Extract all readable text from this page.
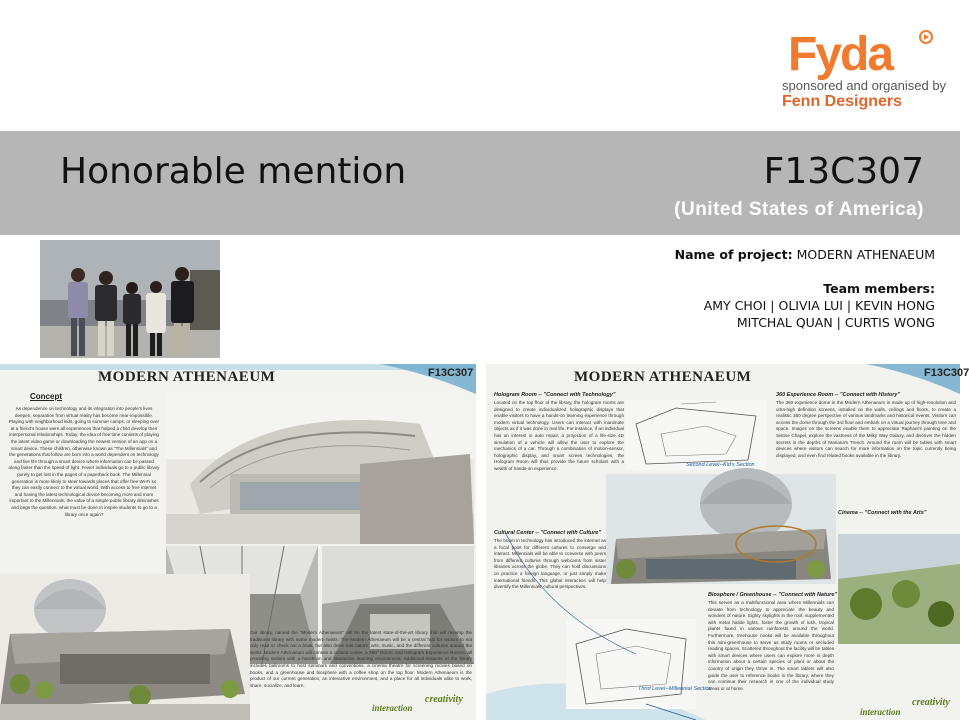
Fyda
sponsored and organised by
Fenn Designers
Honorable mention	F13C307
(United States of America)
Name of project: MODERN ATHENAEUM
Team members:
AMY CHOI | OLIVIA LUI | KEVIN HONG
MITCHAL QUAN | CURTIS WONG
MODERN ATHENAEUM	F13C307
Concept
As dependence on technology and its integration into people's lives deepen, separation from virtual reality has become near-impossible. Playing with neighborhood kids, going to summer camps, or sleeping over at a friend's house were all experiences that helped a child develop their interpersonal relationships. Today, the idea of free time consists of playing the latest video game or downloading the newest version of an app on a smart device. These children, otherwise known as "The Millennials" and the generations that follow are born into a world dependent on technology and live life through a smart device where information can be passed along faster than the speed of light. Fewer individuals go to a public library purely to get lost in the pages of a paperback book. The Millennial generation is more likely to steer towards places that offer free Wi-Fi so they can easily connect to the virtual world. With access to free internet and having the latest technological device becoming more and more important to the Millennials, the value of a simple public library diminishes and begs the question, what must be done to inspire students to go to a library once again?
Our library, named the "Modern Athenaeum" will be the latest state-of-the-art library that will revamp the traditional library with some modern twists. The Modern Athenaeum will be a central hub for visitors to not only read or check out a book, but also delve into nature, arts, music, and the different cultures around the world. Modern Athenaeum will contain a cultural center, a 360° Room, and Hologram Experience Rooms, all providing visitors with a hands-on and interactive learning environment. Additional features of the library includes ballrooms to host seminars and conventions, a cinema theatre for screening movies based on books, and a greenhouse and biosphere with a coffee shop on the top floor. Modern Athenaeum is the product of our current generation, an interactive environment, and a place for all individuals alike to work, share, socialize, and learn.
interaction
creativity
MODERN ATHENAEUM	F13C307
Hologram Room -- "Connect with Technology"
Located on the top floor of the library, the hologram rooms are designed to create individualized holographic displays that enable visitors to have a hands-on learning experience through modern virtual technology. Users can interact with inanimate objects as if it was done in real life. For instance, if an individual has an interest in auto repair, a projection of a life-size 4D simulation of a vehicle will allow the user to explore the mechanics of a car. Through a combination of motion-sensor, holographic display, and smart screen technologies, the Hologram Room will thus provide the future scholars with a wealth of hands-on experience.
360 Experience Room -- "Connect with History"
The 360 experience dome in the Modern Athenaeum is made up of high-resolution and ultra-high definition screens, installed on the walls, ceilings and floors, to create a realistic 360 degree perspective of various landmarks and historical events. Visitors can access the dome through the 3rd floor and embark on a virtual journey through time and space. Images on the screens enable them to appreciate Raphael's painting on the Sistine Chapel, explore the vastness of the Milky Way Galaxy, and discover the hidden secrets in the depths of Mariana's Trench. Around the room will be tables with smart devices where visitors can search for more information on the topic currently being displayed, and even find related books available in the library.
Second Level--Kid's Section
Cultural Center -- "Connect with Culture"
The boom in technology has introduced the internet as a focal point for different cultures to converge and interact. Millennials will be able to converse with peers from different cultures through webcams from sister libraries across the globe. They can hold discussions on practice a foreign language, or just simply make international friends. This global interaction will help diversify the Millennials' cultural perspectives.
Cinema -- "Connect with the Arts"
Biosphere / Greenhouse -- "Connect with Nature"
This serves as a multifunctional area where Millennials can deviate from technology to appreciate the beauty and wonders of nature. Eighty skylights in the roof, supplemented with metal halide lights, foster the growth of lush, tropical plants found in various rainforests around the world. Furthermore, treehouse nooks will be available throughout this mini-greenhouse to serve as study rooms or secluded reading spaces. Scattered throughout the facility will be tables with smart devices where users can explore more in depth information about a certain species of plant or about the country of origin they thrive in. The smart tablets will also guide the user to reference books in the library, where they can continue their research in one of the individual study areas or at home.
Third Level--Millennial Section
interaction
creativity
